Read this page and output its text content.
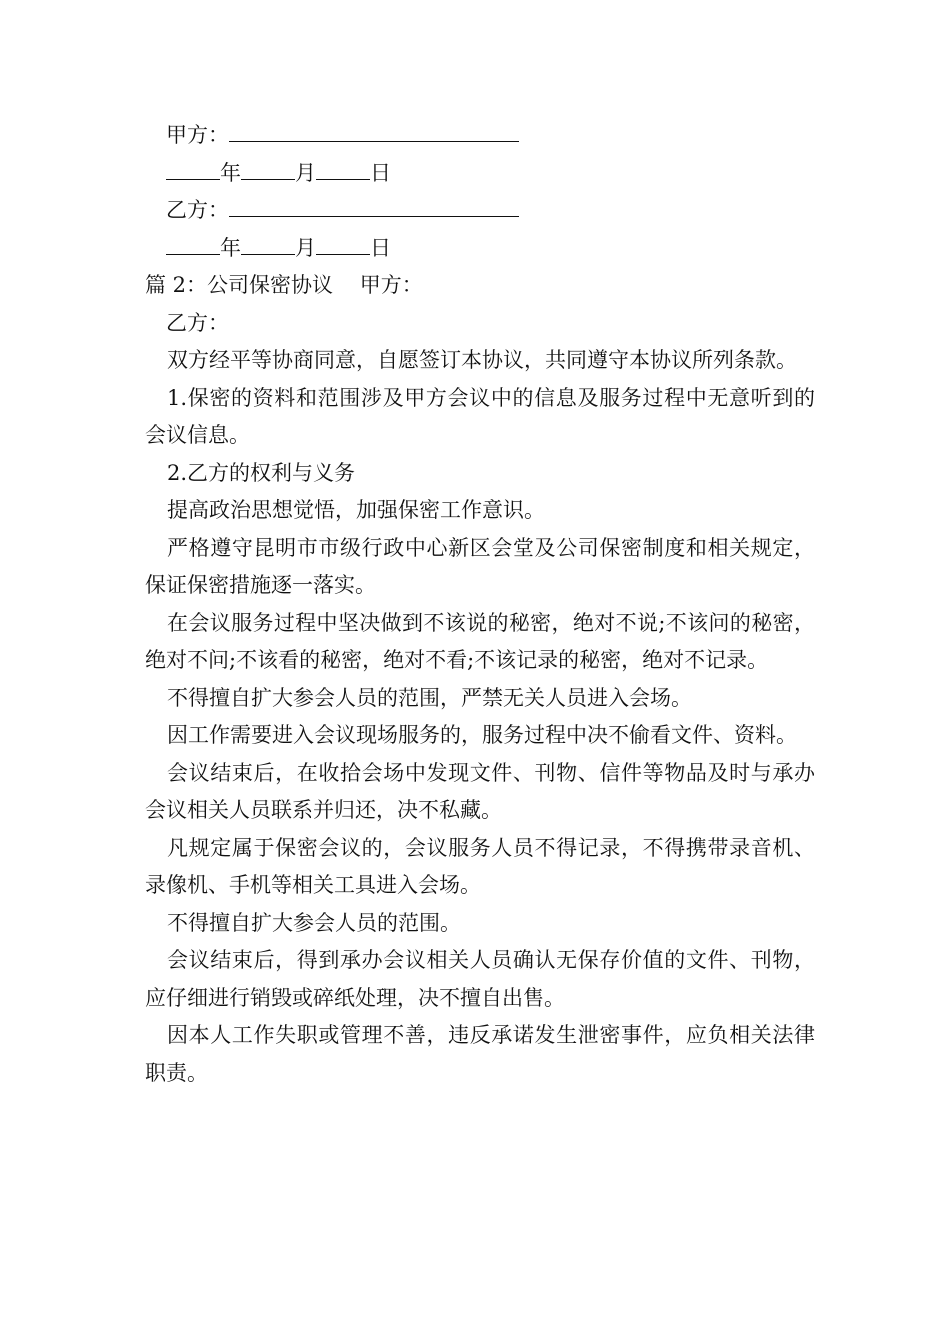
甲方：
年	月	日
乙方：
年	月	日
篇 2：公司保密协议    甲方：
乙方：

双方经平等协商同意，自愿签订本协议，共同遵守本协议所列条款。

1.保密的资料和范围涉及甲方会议中的信息及服务过程中无意听到的会议信息。

2.乙方的权利与义务

提高政治思想觉悟，加强保密工作意识。

严格遵守昆明市市级行政中心新区会堂及公司保密制度和相关规定，保证保密措施逐一落实。

在会议服务过程中坚决做到不该说的秘密，绝对不说;不该问的秘密，绝对不问;不该看的秘密，绝对不看;不该记录的秘密，绝对不记录。

不得擅自扩大参会人员的范围，严禁无关人员进入会场。

因工作需要进入会议现场服务的，服务过程中决不偷看文件、资料。

会议结束后，在收拾会场中发现文件、刊物、信件等物品及时与承办会议相关人员联系并归还，决不私藏。

凡规定属于保密会议的，会议服务人员不得记录，不得携带录音机、录像机、手机等相关工具进入会场。

不得擅自扩大参会人员的范围。

会议结束后，得到承办会议相关人员确认无保存价值的文件、刊物，应仔细进行销毁或碎纸处理，决不擅自出售。

因本人工作失职或管理不善，违反承诺发生泄密事件，应负相关法律职责。
